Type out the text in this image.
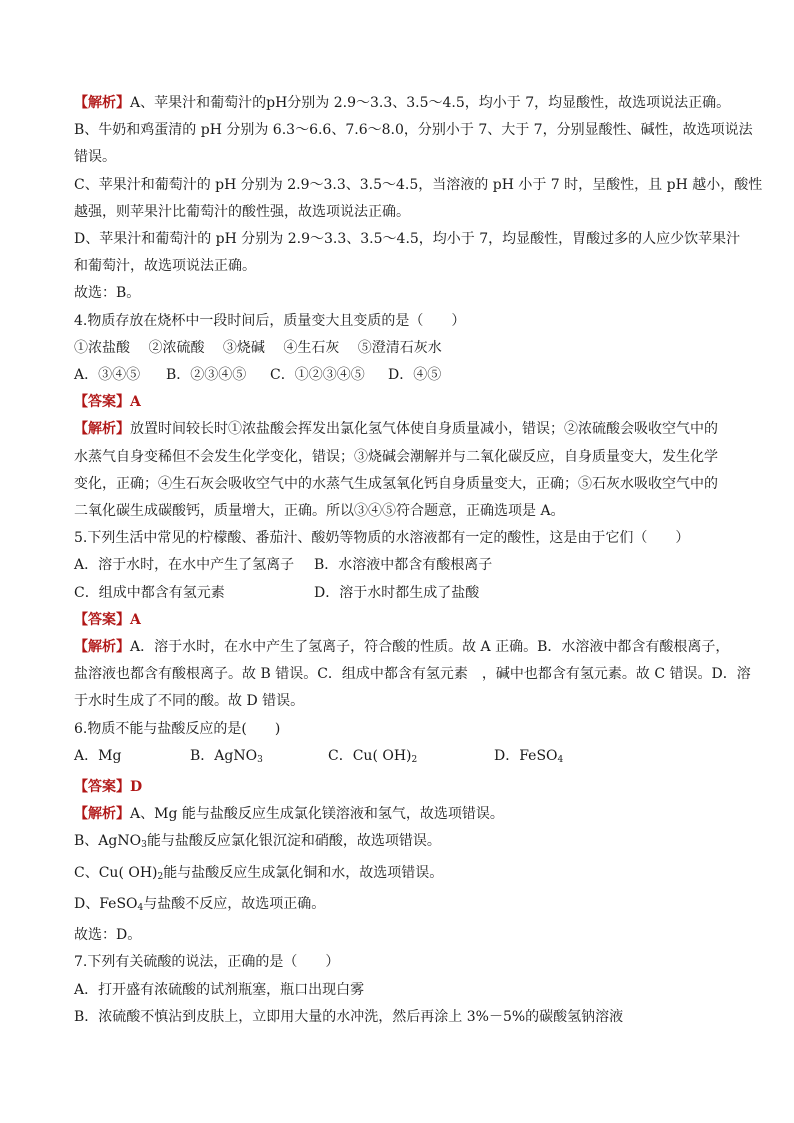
【解析】A、苹果汁和葡萄汁的pH分别为 2.9～3.3、3.5～4.5，均小于 7，均显酸性，故选项说法正确。
B、牛奶和鸡蛋清的 pH 分别为 6.3～6.6、7.6～8.0，分别小于 7、大于 7，分别显酸性、碱性，故选项说法
错误。
C、苹果汁和葡萄汁的 pH 分别为 2.9～3.3、3.5～4.5，当溶液的 pH 小于 7 时，呈酸性，且 pH 越小，酸性
越强，则苹果汁比葡萄汁的酸性强，故选项说法正确。
D、苹果汁和葡萄汁的 pH 分别为 2.9～3.3、3.5～4.5，均小于 7，均显酸性，胃酸过多的人应少饮苹果汁
和葡萄汁，故选项说法正确。
故选：B。
4.物质存放在烧杯中一段时间后，质量变大且变质的是（　　）
①浓盐酸　 ②浓硫酸　 ③烧碱　 ④生石灰　 ⑤澄清石灰水
A．③④⑤	B．②③④⑤	C．①②③④⑤	D．④⑤
【答案】A
【解析】放置时间较长时①浓盐酸会挥发出氯化氢气体使自身质量减小，错误；②浓硫酸会吸收空气中的
水蒸气自身变稀但不会发生化学变化，错误；③烧碱会潮解并与二氧化碳反应，自身质量变大，发生化学
变化，正确；④生石灰会吸收空气中的水蒸气生成氢氧化钙自身质量变大，正确；⑤石灰水吸收空气中的
二氧化碳生成碳酸钙，质量增大，正确。所以③④⑤符合题意，正确选项是 A。
5.下列生活中常见的柠檬酸、番茄汁、酸奶等物质的水溶液都有一定的酸性，这是由于它们（　　）
A．溶于水时，在水中产生了氢离子	B．水溶液中都含有酸根离子
C．组成中都含有氢元素	D．溶于水时都生成了盐酸
【答案】A
【解析】A．溶于水时，在水中产生了氢离子，符合酸的性质。故 A 正确。B．水溶液中都含有酸根离子，
盐溶液也都含有酸根离子。故 B 错误。C．组成中都含有氢元素　，碱中也都含有氢元素。故 C 错误。D．溶
于水时生成了不同的酸。故 D 错误。
6.物质不能与盐酸反应的是(　　)
A．Mg	B．AgNO$_3$	C．Cu( $OH)_2$	D．FeSO$_4$
【答案】D
【解析】A、Mg 能与盐酸反应生成氯化镁溶液和氢气，故选项错误。
B、AgNO$_3$能与盐酸反应氯化银沉淀和硝酸，故选项错误。
C、Cu( $OH)_2$能与盐酸反应生成氯化铜和水，故选项错误。
D、FeSO$_4$与盐酸不反应，故选项正确。
故选：D。
7.下列有关硫酸的说法，正确的是（　　）
A．打开盛有浓硫酸的试剂瓶塞，瓶口出现白雾
B．浓硫酸不慎沾到皮肤上，立即用大量的水冲洗，然后再涂上 3%－5%的碳酸氢钠溶液
